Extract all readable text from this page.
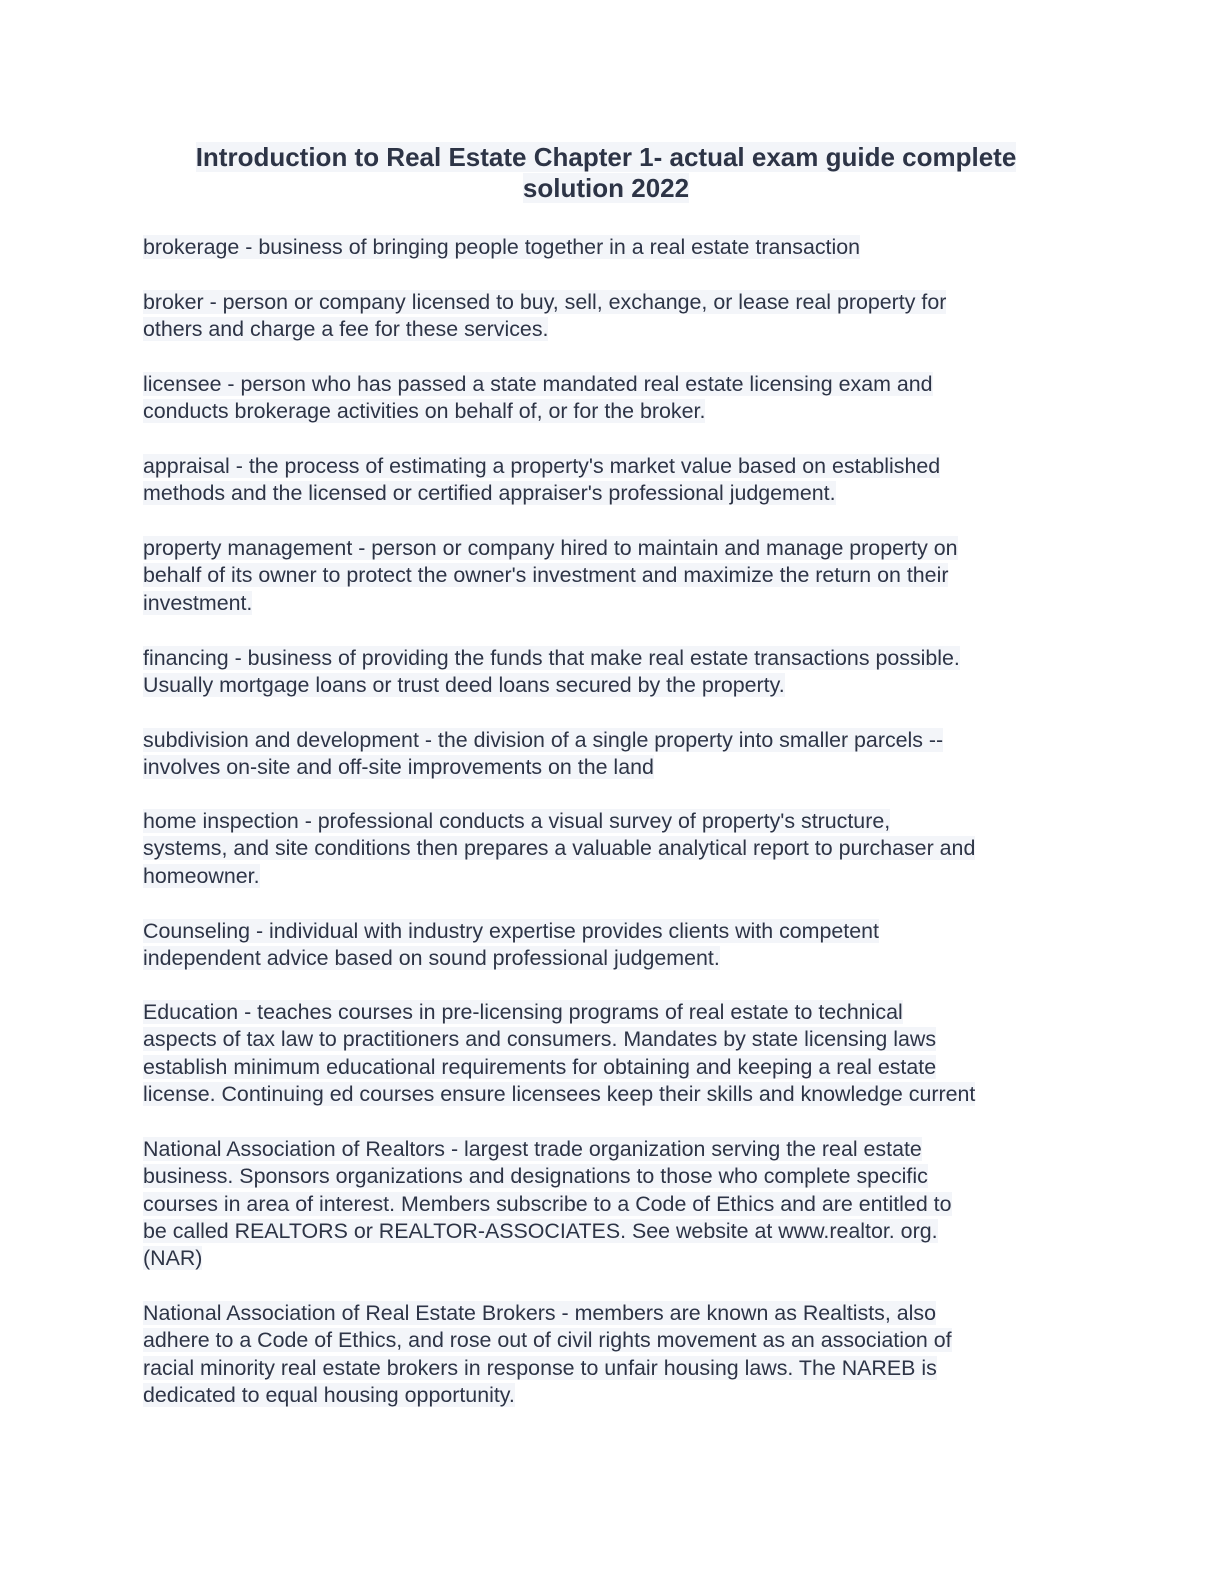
Introduction to Real Estate Chapter 1- actual exam guide complete
solution 2022
brokerage - business of bringing people together in a real estate transaction
broker - person or company licensed to buy, sell, exchange, or lease real property for
others and charge a fee for these services.
licensee - person who has passed a state mandated real estate licensing exam and
conducts brokerage activities on behalf of, or for the broker.
appraisal - the process of estimating a property's market value based on established
methods and the licensed or certified appraiser's professional judgement.
property management - person or company hired to maintain and manage property on
behalf of its owner to protect the owner's investment and maximize the return on their
investment.
financing - business of providing the funds that make real estate transactions possible.
Usually mortgage loans or trust deed loans secured by the property.
subdivision and development - the division of a single property into smaller parcels --
involves on-site and off-site improvements on the land
home inspection - professional conducts a visual survey of property's structure,
systems, and site conditions then prepares a valuable analytical report to purchaser and
homeowner.
Counseling - individual with industry expertise provides clients with competent
independent advice based on sound professional judgement.
Education - teaches courses in pre-licensing programs of real estate to technical
aspects of tax law to practitioners and consumers. Mandates by state licensing laws
establish minimum educational requirements for obtaining and keeping a real estate
license. Continuing ed courses ensure licensees keep their skills and knowledge current
National Association of Realtors - largest trade organization serving the real estate
business. Sponsors organizations and designations to those who complete specific
courses in area of interest. Members subscribe to a Code of Ethics and are entitled to
be called REALTORS or REALTOR-ASSOCIATES. See website at www.realtor. org.
(NAR)
National Association of Real Estate Brokers - members are known as Realtists, also
adhere to a Code of Ethics, and rose out of civil rights movement as an association of
racial minority real estate brokers in response to unfair housing laws. The NAREB is
dedicated to equal housing opportunity.
